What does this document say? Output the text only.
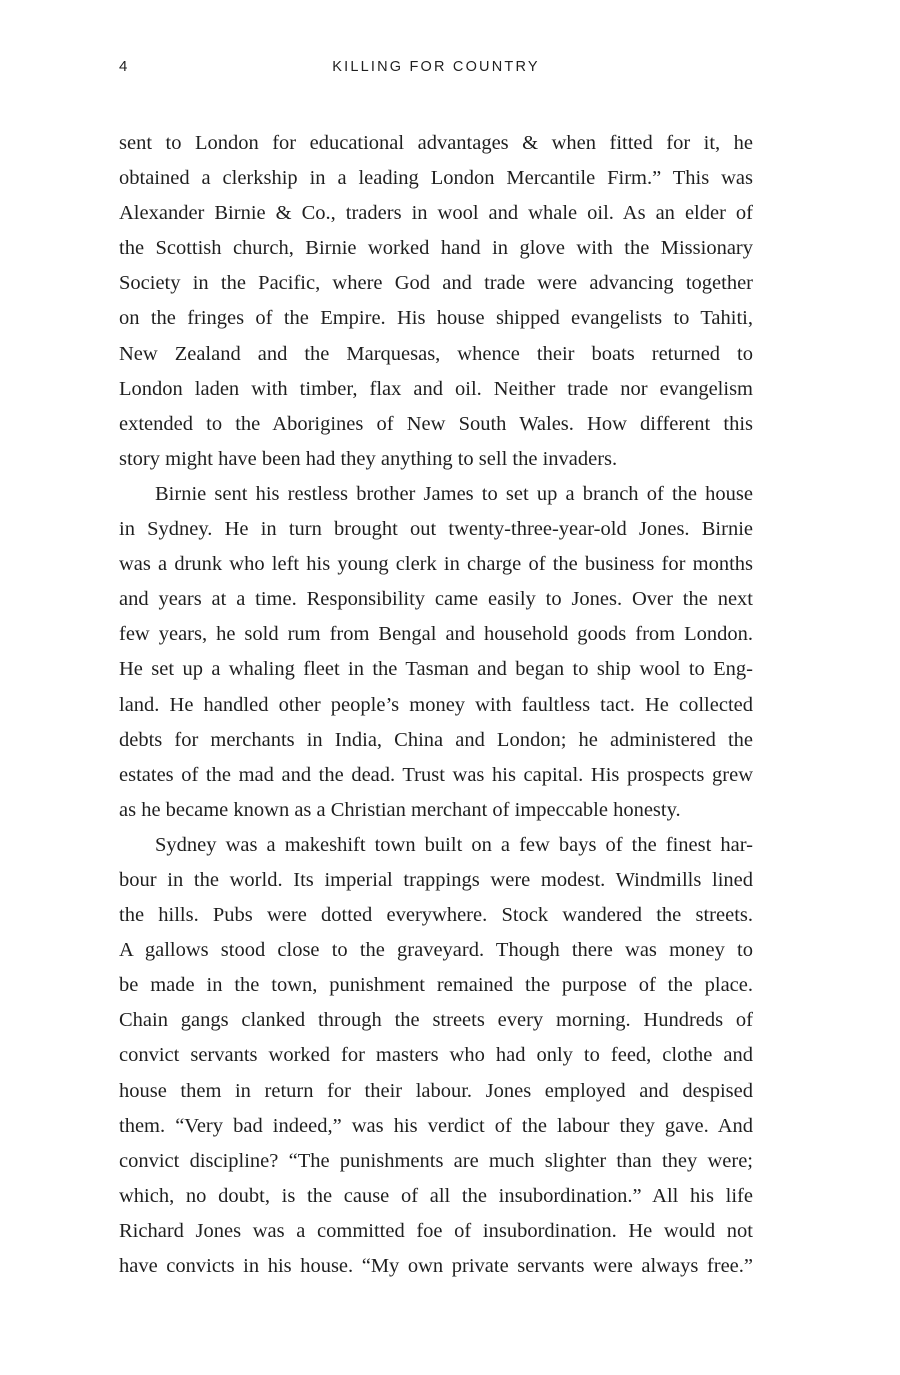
4	KILLING FOR COUNTRY

sent to London for educational advantages & when fitted for it, he
obtained a clerkship in a leading London Mercantile Firm.” This was
Alexander Birnie & Co., traders in wool and whale oil. As an elder of
the Scottish church, Birnie worked hand in glove with the Missionary
Society in the Pacific, where God and trade were advancing together
on the fringes of the Empire. His house shipped evangelists to Tahiti,
New Zealand and the Marquesas, whence their boats returned to
London laden with timber, flax and oil. Neither trade nor evangelism
extended to the Aborigines of New South Wales. How different this
story might have been had they anything to sell the invaders.

Birnie sent his restless brother James to set up a branch of the house
in Sydney. He in turn brought out twenty-three-year-old Jones. Birnie
was a drunk who left his young clerk in charge of the business for months
and years at a time. Responsibility came easily to Jones. Over the next
few years, he sold rum from Bengal and household goods from London.
He set up a whaling fleet in the Tasman and began to ship wool to Eng-
land. He handled other people’s money with faultless tact. He collected
debts for merchants in India, China and London; he administered the
estates of the mad and the dead. Trust was his capital. His prospects grew
as he became known as a Christian merchant of impeccable honesty.

Sydney was a makeshift town built on a few bays of the finest har-
bour in the world. Its imperial trappings were modest. Windmills lined
the hills. Pubs were dotted everywhere. Stock wandered the streets.
A gallows stood close to the graveyard. Though there was money to
be made in the town, punishment remained the purpose of the place.
Chain gangs clanked through the streets every morning. Hundreds of
convict servants worked for masters who had only to feed, clothe and
house them in return for their labour. Jones employed and despised
them. “Very bad indeed,” was his verdict of the labour they gave. And
convict discipline? “The punishments are much slighter than they were;
which, no doubt, is the cause of all the insubordination.” All his life
Richard Jones was a committed foe of insubordination. He would not
have convicts in his house. “My own private servants were always free.”
